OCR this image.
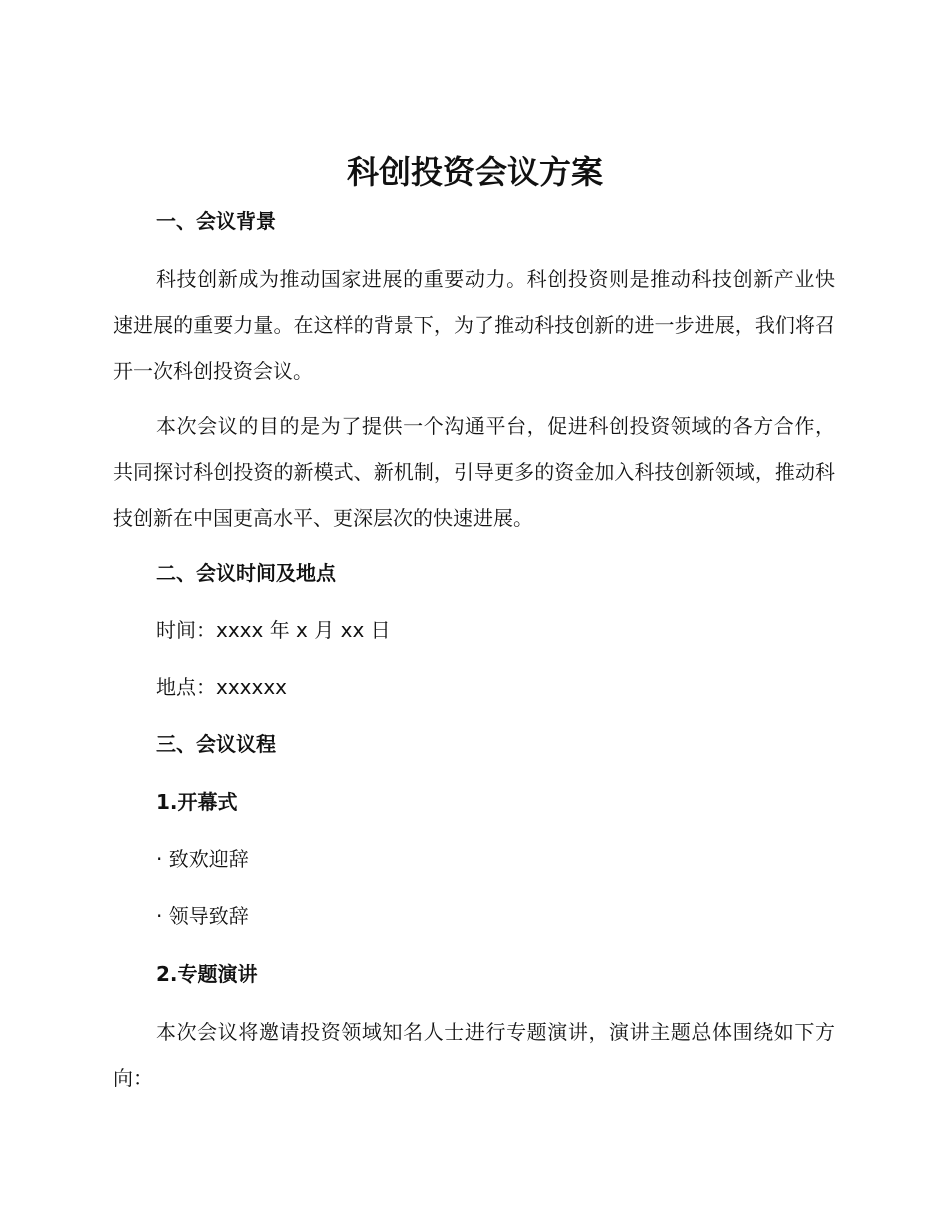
科创投资会议方案
一、会议背景

科技创新成为推动国家进展的重要动力。科创投资则是推动科技创新产业快速进展的重要力量。在这样的背景下，为了推动科技创新的进一步进展，我们将召开一次科创投资会议。

本次会议的目的是为了提供一个沟通平台，促进科创投资领域的各方合作，共同探讨科创投资的新模式、新机制，引导更多的资金加入科技创新领域，推动科技创新在中国更高水平、更深层次的快速进展。

二、会议时间及地点

时间：xxxx 年 x 月 xx 日

地点：xxxxxx

三、会议议程
1.开幕式

· 致欢迎辞

· 领导致辞

2.专题演讲

本次会议将邀请投资领域知名人士进行专题演讲，演讲主题总体围绕如下方向：
